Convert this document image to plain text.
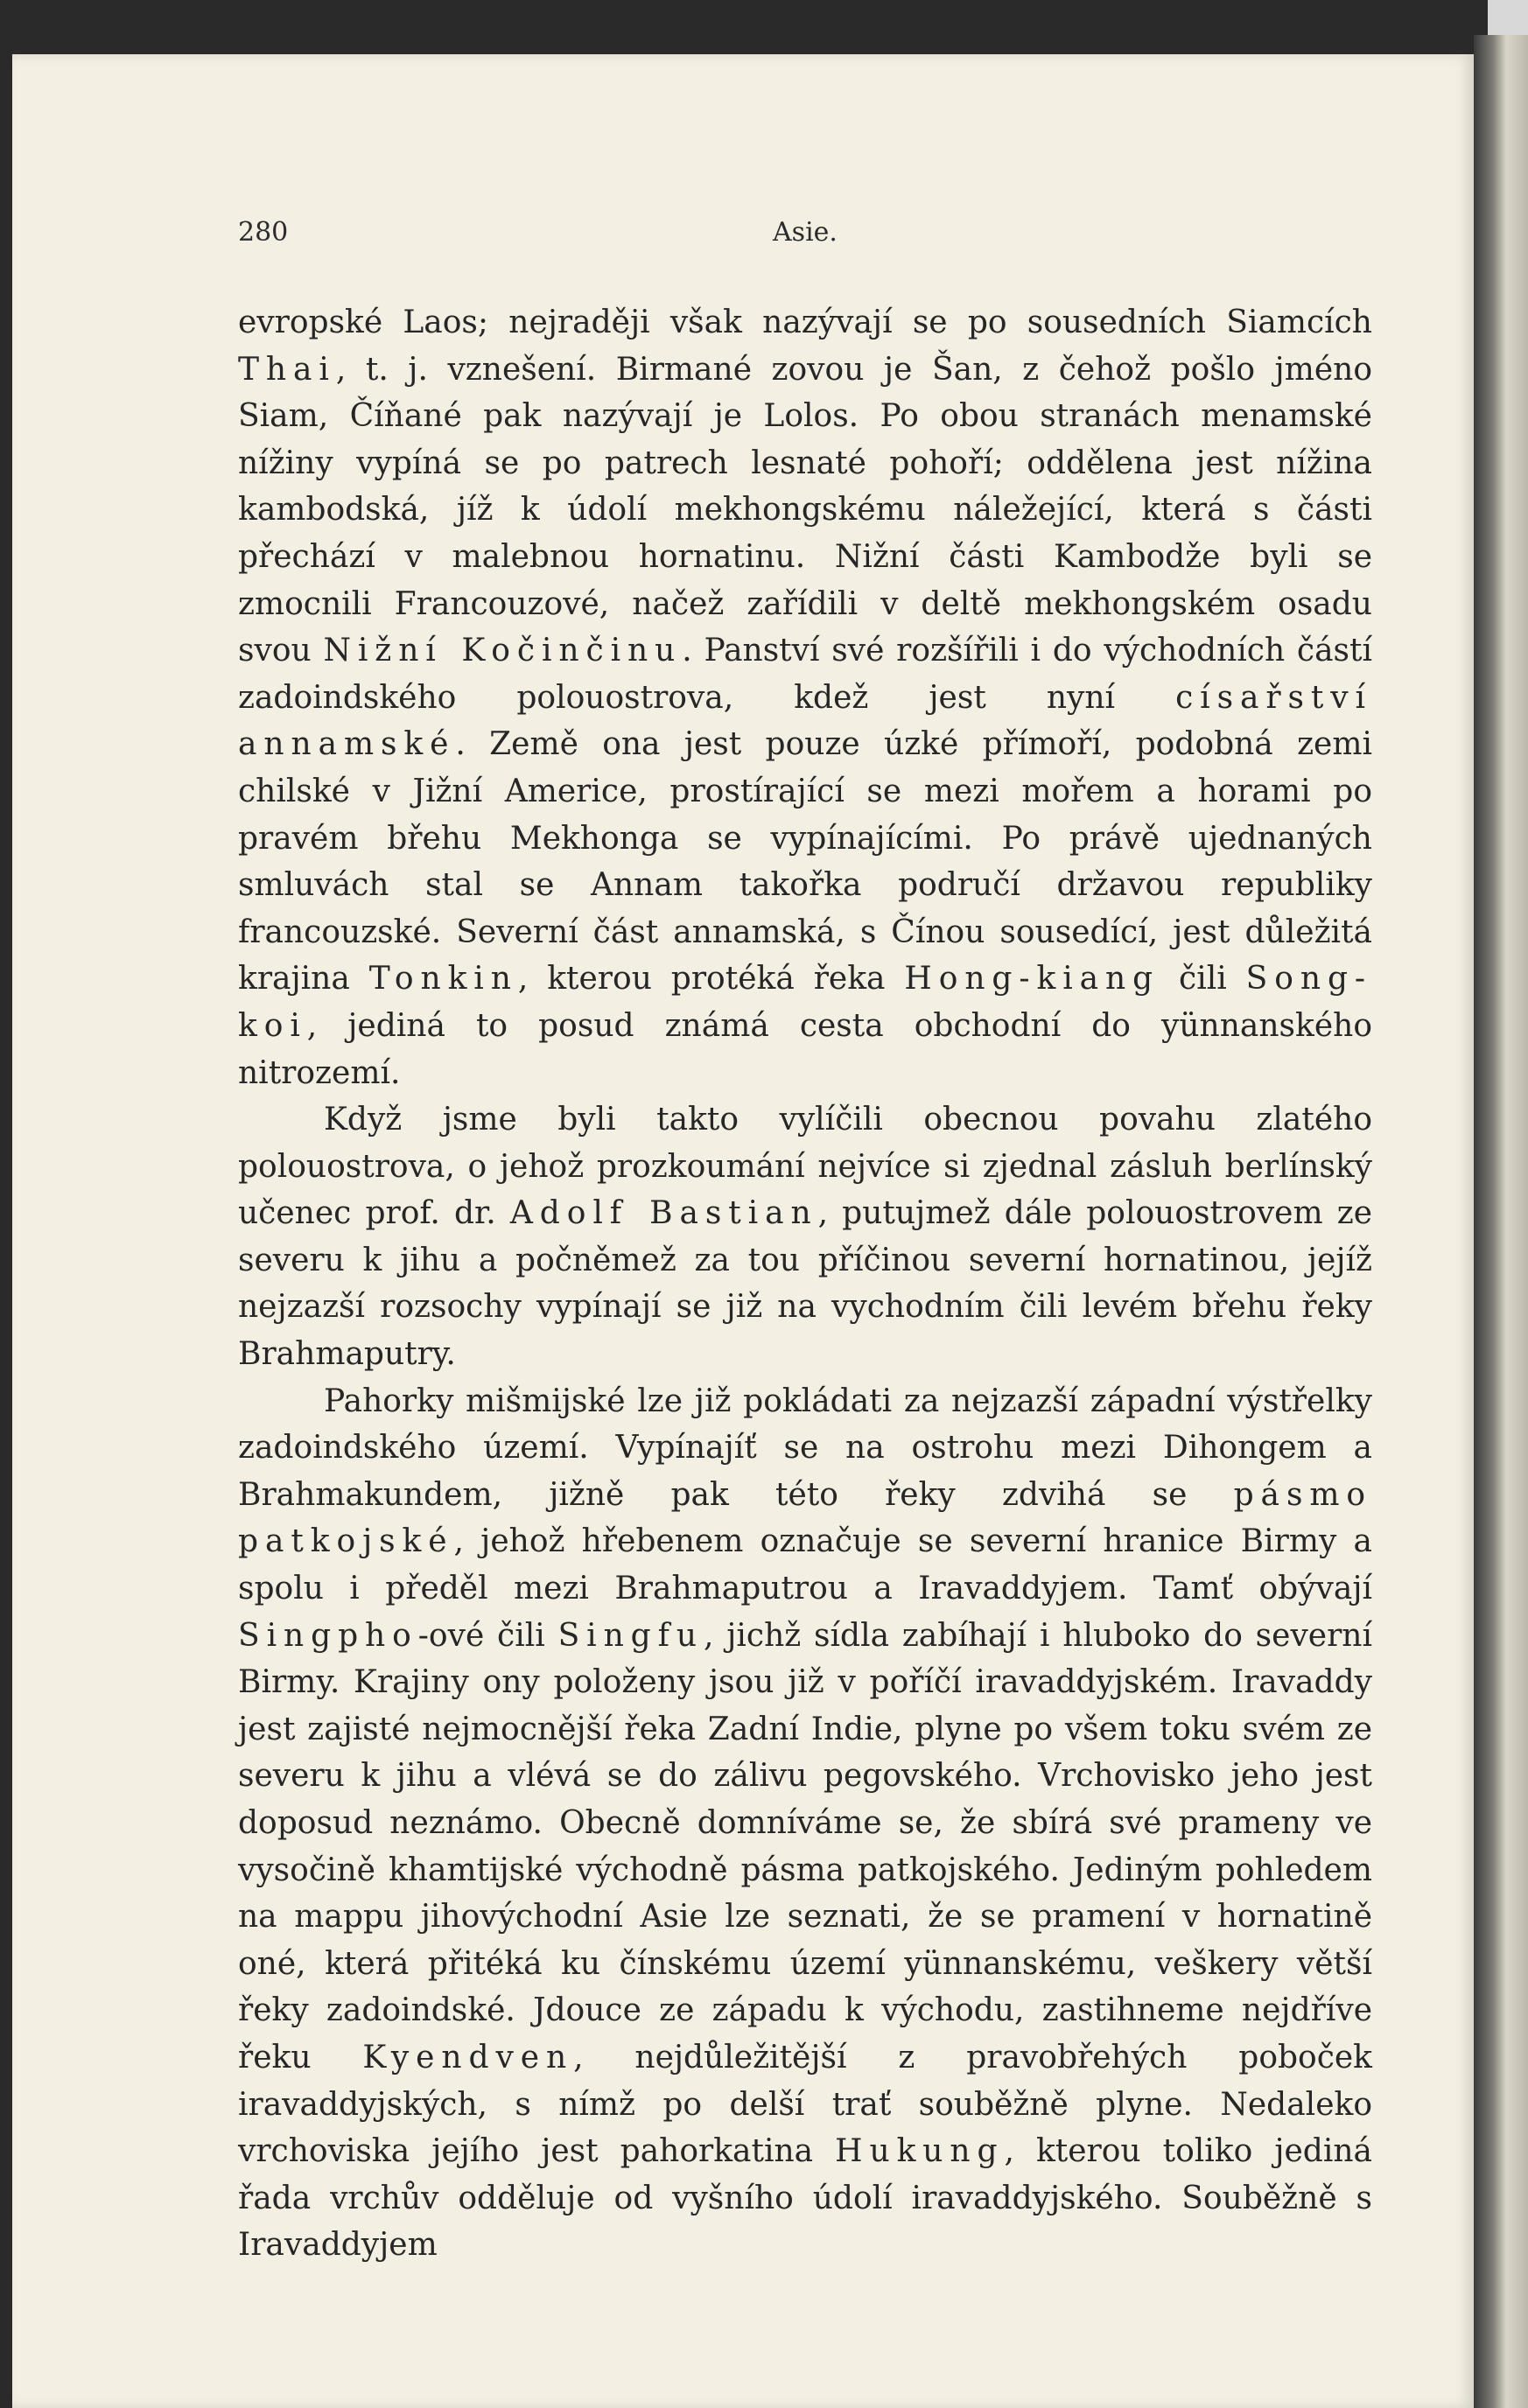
280	Asie.

evropské Laos; nejraději však nazývají se po sousedních Siamcích Thai, t. j. vznešení. Birmané zovou je Šan, z čehož pošlo jméno Siam, Číňané pak nazývají je Lolos. Po obou stranách menamské nížiny vypíná se po patrech lesnaté pohoří; oddělena jest nížina kambodská, jíž k údolí mekhongskému náležející, která s části přechází v malebnou hornatinu. Nižní části Kambodže byli se zmocnili Francouzové, načež zařídili v deltě mekhongském osadu svou Nižní Kočinčinu. Panství své rozšířili i do východních částí zadoindského polouostrova, kdež jest nyní císařství annamské. Země ona jest pouze úzké přímoří, podobná zemi chilské v Jižní Americe, prostírající se mezi mořem a horami po pravém břehu Mekhonga se vypínajícími. Po právě ujednaných smluvách stal se Annam takořka područí državou republiky francouzské. Severní část annamská, s Čínou sousedící, jest důležitá krajina Tonkin, kterou protéká řeka Hong-kiang čili Song-koi, jediná to posud známá cesta obchodní do yünnanského nitrozemí.

Když jsme byli takto vylíčili obecnou povahu zlatého polouostrova, o jehož prozkoumání nejvíce si zjednal zásluh berlínský učenec prof. dr. Adolf Bastian, putujmež dále polouostrovem ze severu k jihu a počněmež za tou příčinou severní hornatinou, jejíž nejzazší rozsochy vypínají se již na vychodním čili levém břehu řeky Brahmaputry.

Pahorky mišmijské lze již pokládati za nejzazší západní výstřelky zadoindského území. Vypínajíť se na ostrohu mezi Dihongem a Brahmakundem, jižně pak této řeky zdvihá se pásmo patkojské, jehož hřebenem označuje se severní hranice Birmy a spolu i předěl mezi Brahmaputrou a Iravaddyjem. Tamť obývají Singpho-ové čili Singfu, jichž sídla zabíhají i hluboko do severní Birmy. Krajiny ony položeny jsou již v poříčí iravaddyjském. Iravaddy jest zajisté nejmocnější řeka Zadní Indie, plyne po všem toku svém ze severu k jihu a vlévá se do zálivu pegovského. Vrchovisko jeho jest doposud neznámo. Obecně domníváme se, že sbírá své prameny ve vysočině khamtijské východně pásma patkojského. Jediným pohledem na mappu jihovýchodní Asie lze seznati, že se pramení v hornatině oné, která přitéká ku čínskému území yünnanskému, veškery větší řeky zadoindské. Jdouce ze západu k východu, zastihneme nejdříve řeku Kyendven, nejdůležitější z pravobřehých poboček iravaddyjských, s nímž po delší trať souběžně plyne. Nedaleko vrchoviska jejího jest pahorkatina Hukung, kterou toliko jediná řada vrchův odděluje od vyšního údolí iravaddyjského. Souběžně s Iravaddyjem
